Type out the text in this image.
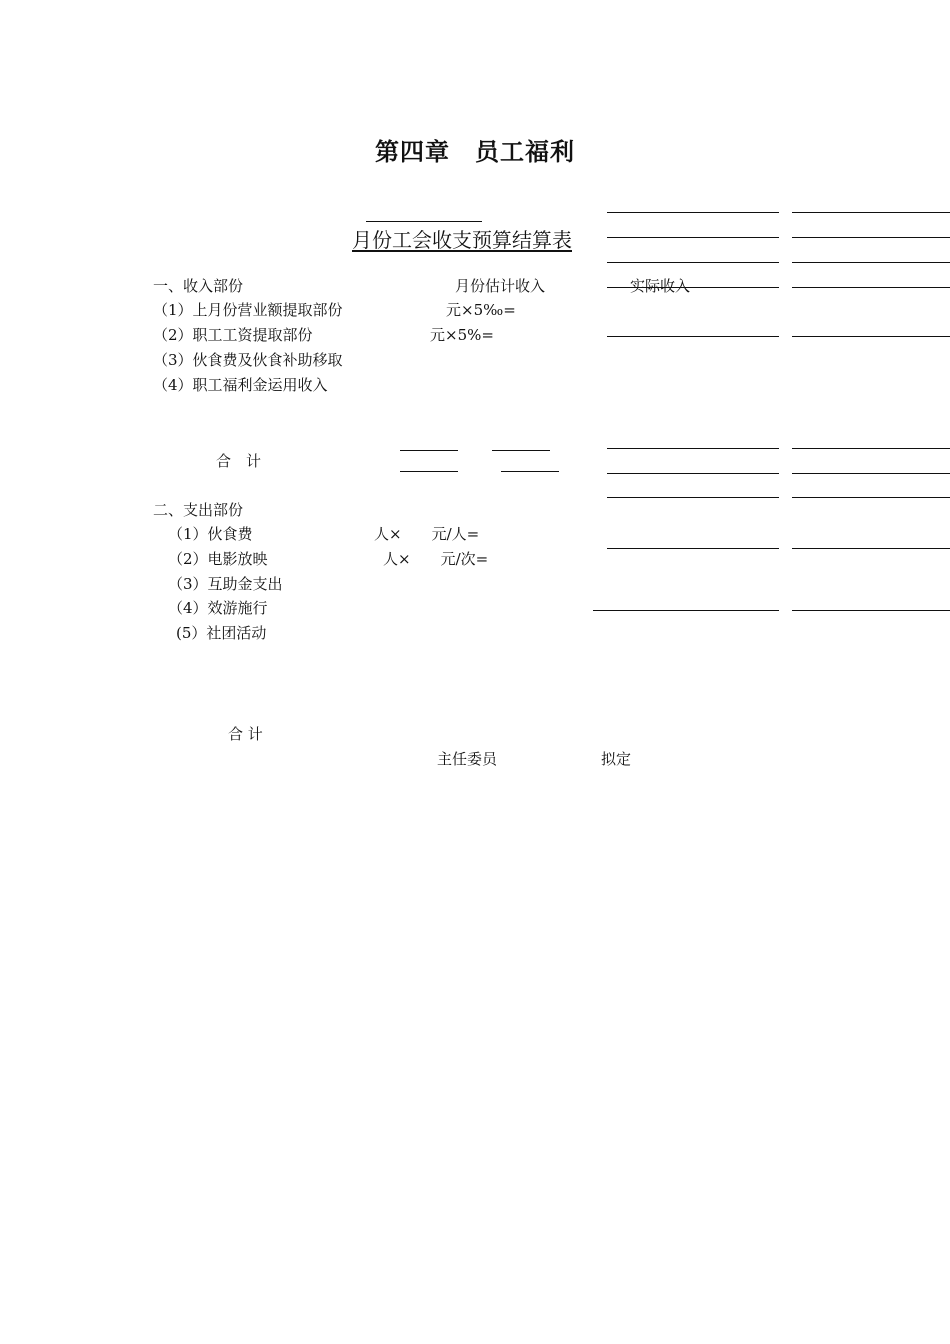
第四章　员工福利
月份工会收支预算结算表
一、收入部份	月份估计收入	实际收入
（1）上月份营业额提取部份	元×5‰=
（2）职工工资提取部份	元×5%=
（3）伙食费及伙食补助移取
（4）职工福利金运用收入
合　计
二、支出部份
（1）伙食费	人×　　元/人=
（2）电影放映	人×　　元/次=
（3）互助金支出
（4）效游施行
(5）社团活动
合 计
主任委员	拟定
